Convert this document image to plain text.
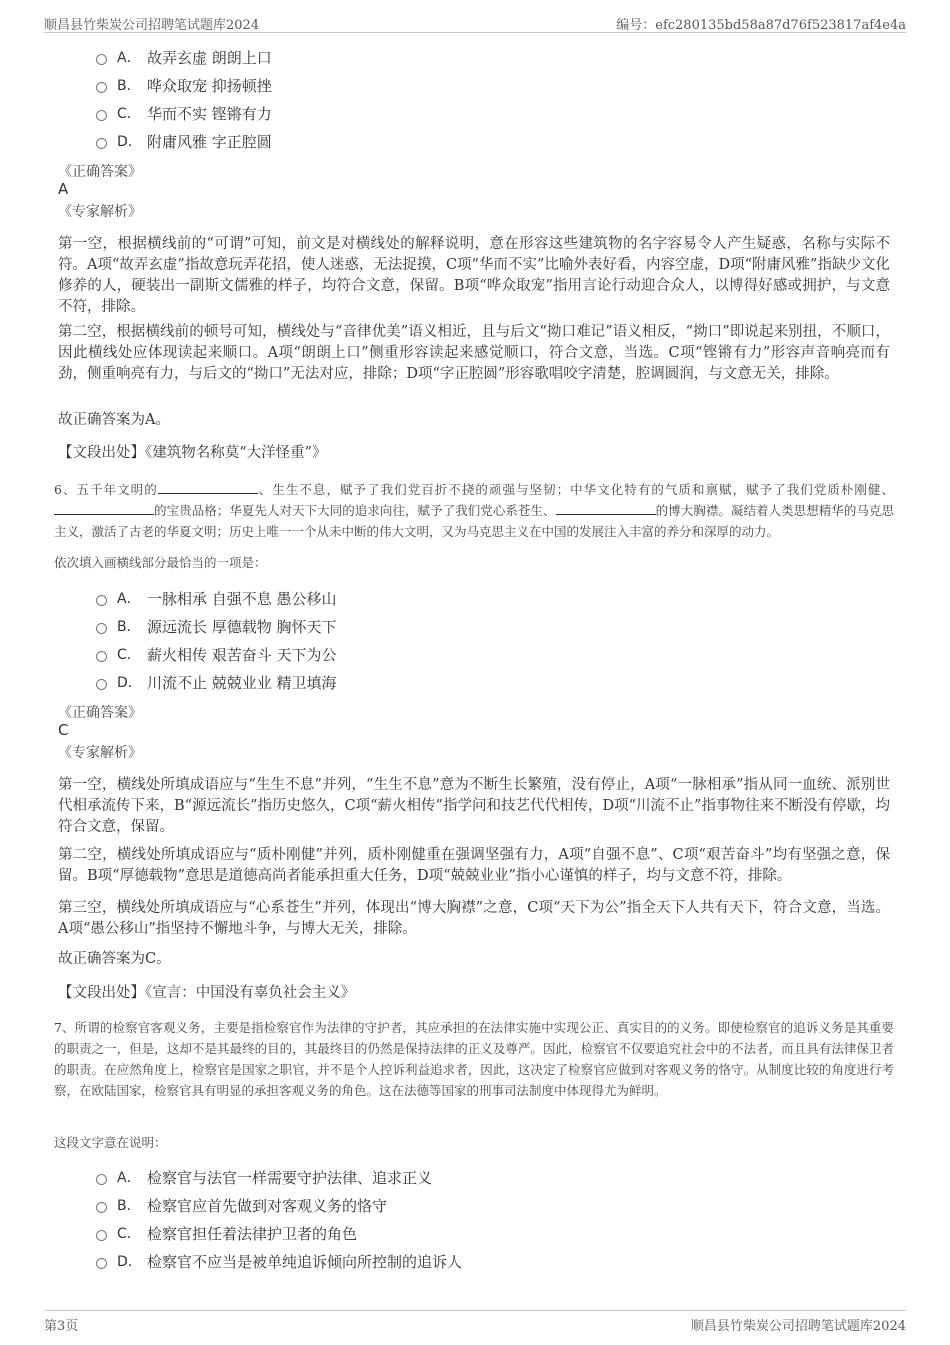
顺昌县竹柴炭公司招聘笔试题库2024	编号：efc280135bd58a87d76f523817af4e4a
A． 故弄玄虚 朗朗上口
B． 哗众取宠 抑扬顿挫
C． 华而不实 铿锵有力
D． 附庸风雅 字正腔圆
《正确答案》
A
《专家解析》

第一空，根据横线前的“可谓”可知，前文是对横线处的解释说明，意在形容这些建筑物的名字容易令人产生疑惑，名称与实际不符。A项“故弄玄虚”指故意玩弄花招，使人迷惑，无法捉摸，C项“华而不实”比喻外表好看，内容空虚，D项“附庸风雅”指缺少文化修养的人，硬装出一副斯文儒雅的样子，均符合文意，保留。B项“哗众取宠”指用言论行动迎合众人，以博得好感或拥护，与文意不符，排除。

第二空，根据横线前的顿号可知，横线处与“音律优美”语义相近，且与后文“拗口难记”语义相反，“拗口”即说起来别扭，不顺口，因此横线处应体现读起来顺口。A项“朗朗上口”侧重形容读起来感觉顺口，符合文意，当选。C项“铿锵有力”形容声音响亮而有劲，侧重响亮有力，与后文的“拗口”无法对应，排除；D项“字正腔圆”形容歌唱咬字清楚，腔调圆润，与文意无关，排除。

故正确答案为A。

【文段出处】《建筑物名称莫“大洋怪重”》

6、五千年文明的	、生生不息，赋予了我们党百折不挠的顽强与坚韧；中华文化特有的气质和禀赋，赋予了我们党质朴刚健、的宝贵品格；华夏先人对天下大同的追求向往，赋予了我们党心系苍生、	的博大胸襟。凝结着人类思想精华的马克思主义，激活了古老的华夏文明；历史上唯一一个从未中断的伟大文明，又为马克思主义在中国的发展注入丰富的养分和深厚的动力。

依次填入画横线部分最恰当的一项是：
A． 一脉相承 自强不息 愚公移山
B． 源远流长 厚德载物 胸怀天下
C． 薪火相传 艰苦奋斗 天下为公
D． 川流不止 兢兢业业 精卫填海
《正确答案》
C
《专家解析》

第一空，横线处所填成语应与“生生不息”并列，“生生不息”意为不断生长繁殖，没有停止，A项“一脉相承”指从同一血统、派别世代相承流传下来，B“源远流长”指历史悠久，C项“薪火相传”指学问和技艺代代相传，D项“川流不止”指事物往来不断没有停歇，均符合文意，保留。

第二空，横线处所填成语应与“质朴刚健”并列，质朴刚健重在强调坚强有力，A项“自强不息”、C项“艰苦奋斗”均有坚强之意，保留。B项“厚德载物”意思是道德高尚者能承担重大任务，D项“兢兢业业”指小心谨慎的样子，均与文意不符，排除。

第三空，横线处所填成语应与“心系苍生”并列，体现出“博大胸襟”之意，C项“天下为公”指全天下人共有天下，符合文意，当选。A项“愚公移山”指坚持不懈地斗争，与博大无关，排除。

故正确答案为C。

【文段出处】《宣言：中国没有辜负社会主义》

7、所谓的检察官客观义务，主要是指检察官作为法律的守护者，其应承担的在法律实施中实现公正、真实目的的义务。即使检察官的追诉义务是其重要的职责之一，但是，这却不是其最终的目的，其最终目的仍然是保持法律的正义及尊严。因此，检察官不仅要追究社会中的不法者，而且具有法律保卫者的职责。在应然角度上，检察官是国家之职官，并不是个人控诉利益追求者，因此，这决定了检察官应做到对客观义务的恪守。从制度比较的角度进行考察，在欧陆国家，检察官具有明显的承担客观义务的角色。这在法德等国家的刑事司法制度中体现得尤为鲜明。

这段文字意在说明：
A． 检察官与法官一样需要守护法律、追求正义
B． 检察官应首先做到对客观义务的恪守
C． 检察官担任着法律护卫者的角色
D． 检察官不应当是被单纯追诉倾向所控制的追诉人
第3页	顺昌县竹柴炭公司招聘笔试题库2024
